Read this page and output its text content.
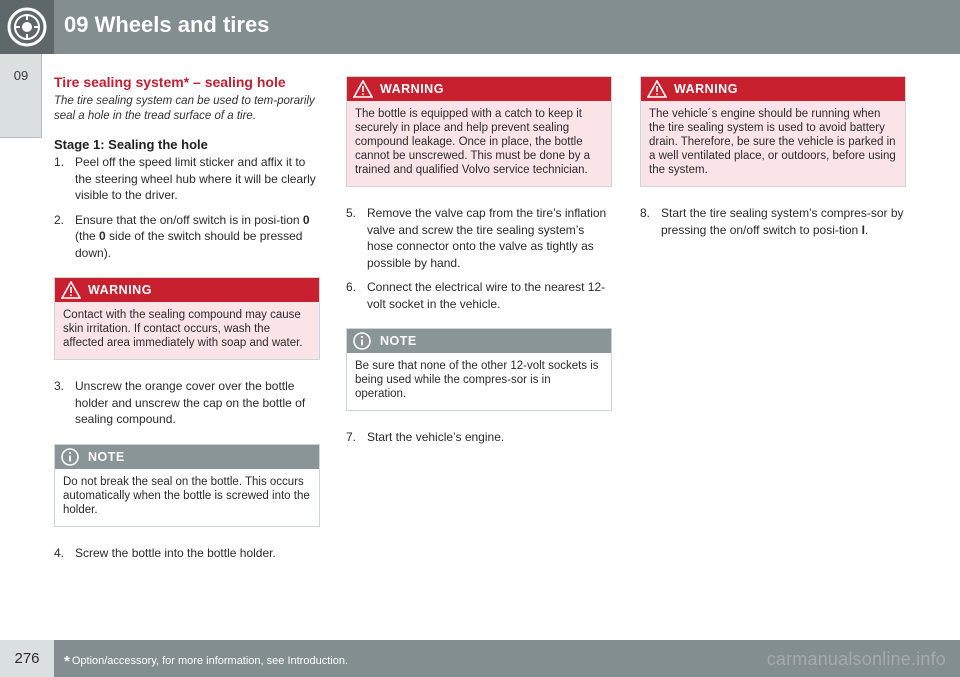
09 Wheels and tires
09	Tire sealing system* – sealing hole
The tire sealing system can be used to tem-porarily seal a hole in the tread surface of a tire.
Stage 1: Sealing the hole
1. Peel off the speed limit sticker and affix it to the steering wheel hub where it will be clearly visible to the driver.
2. Ensure that the on/off switch is in posi-tion 0 (the 0 side of the switch should be pressed down).
WARNING
Contact with the sealing compound may cause skin irritation. If contact occurs, wash the affected area immediately with soap and water.
3. Unscrew the orange cover over the bottle holder and unscrew the cap on the bottle of sealing compound.
NOTE
Do not break the seal on the bottle. This occurs automatically when the bottle is screwed into the holder.
4. Screw the bottle into the bottle holder.
WARNING
The bottle is equipped with a catch to keep it securely in place and help prevent sealing compound leakage. Once in place, the bottle cannot be unscrewed. This must be done by a trained and qualified Volvo service technician.
5. Remove the valve cap from the tire’s inflation valve and screw the tire sealing system’s hose connector onto the valve as tightly as possible by hand.
6. Connect the electrical wire to the nearest 12-volt socket in the vehicle.
NOTE
Be sure that none of the other 12-volt sockets is being used while the compres-sor is in operation.
7. Start the vehicle’s engine.
WARNING
The vehicle´s engine should be running when the tire sealing system is used to avoid battery drain. Therefore, be sure the vehicle is parked in a well ventilated place, or outdoors, before using the system.
8. Start the tire sealing system’s compres-sor by pressing the on/off switch to posi-tion I.
276	* Option/accessory, for more information, see Introduction.	carmanualsonline.info
